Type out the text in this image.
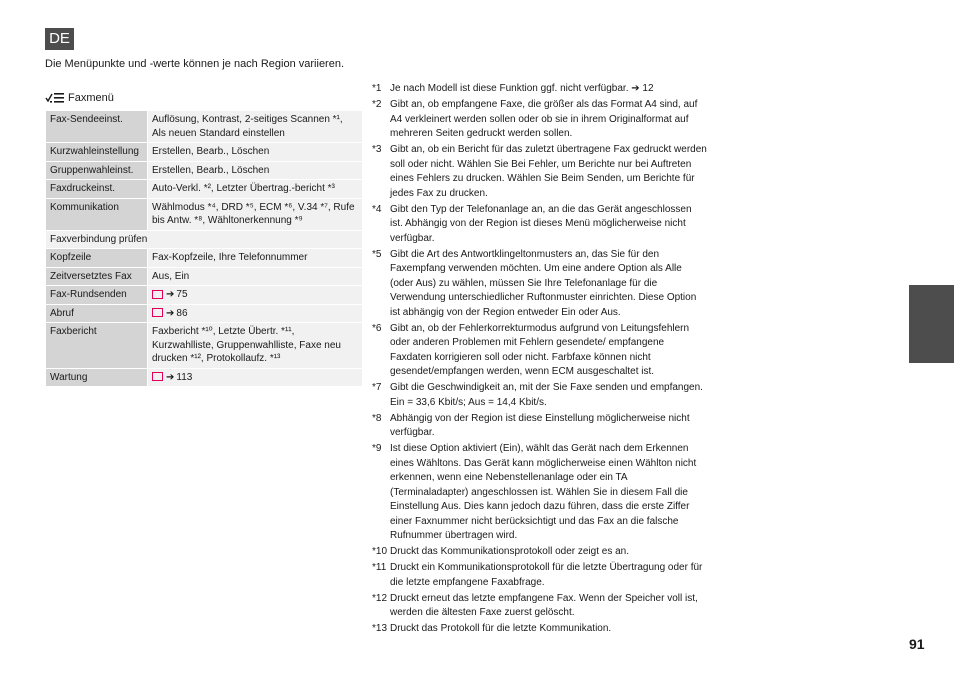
DE
Die Menüpunkte und -werte können je nach Region variieren.
Faxmenü
Fax-Sendeeinst.	Auflösung, Kontrast, 2-seitiges Scannen *¹, Als neuen Standard einstellen
Kurzwahleinstellung	Erstellen, Bearb., Löschen
Gruppenwahleinst.	Erstellen, Bearb., Löschen
Faxdruckeinst.	Auto-Verkl. *², Letzter Übertrag.-bericht *³
Kommunikation	Wählmodus *⁴, DRD *⁵, ECM *⁶, V.34 *⁷, Rufe bis Antw. *⁸, Wähltonerkennung *⁹
Faxverbindung prüfen	
Kopfzeile	Fax-Kopfzeile, Ihre Telefonnummer
Zeitversetztes Fax	Aus, Ein
Fax-Rundsenden	➔ 75
Abruf	➔ 86
Faxbericht	Faxbericht *¹⁰, Letzte Übertr. *¹¹, Kurzwahlliste, Gruppenwahlliste, Faxe neu drucken *¹², Protokollaufz. *¹³
Wartung	➔ 113
*1 Je nach Modell ist diese Funktion ggf. nicht verfügbar. ➔ 12
*2 Gibt an, ob empfangene Faxe, die größer als das Format A4 sind, auf A4 verkleinert werden sollen oder ob sie in ihrem Originalformat auf mehreren Seiten gedruckt werden sollen.
*3 Gibt an, ob ein Bericht für das zuletzt übertragene Fax gedruckt werden soll oder nicht. Wählen Sie Bei Fehler, um Berichte nur bei Auftreten eines Fehlers zu drucken. Wählen Sie Beim Senden, um Berichte für jedes Fax zu drucken.
*4 Gibt den Typ der Telefonanlage an, an die das Gerät angeschlossen ist. Abhängig von der Region ist dieses Menü möglicherweise nicht verfügbar.
*5 Gibt die Art des Antwortklingeltonmusters an, das Sie für den Faxempfang verwenden möchten. Um eine andere Option als Alle (oder Aus) zu wählen, müssen Sie Ihre Telefonanlage für die Verwendung unterschiedlicher Ruftonmuster einrichten. Diese Option ist abhängig von der Region entweder Ein oder Aus.
*6 Gibt an, ob der Fehlerkorrekturmodus aufgrund von Leitungsfehlern oder anderen Problemen mit Fehlern gesendete/ empfangene Faxdaten korrigieren soll oder nicht. Farbfaxe können nicht gesendet/empfangen werden, wenn ECM ausgeschaltet ist.
*7 Gibt die Geschwindigkeit an, mit der Sie Faxe senden und empfangen. Ein = 33,6 Kbit/s; Aus = 14,4 Kbit/s.
*8 Abhängig von der Region ist diese Einstellung möglicherweise nicht verfügbar.
*9 Ist diese Option aktiviert (Ein), wählt das Gerät nach dem Erkennen eines Wähltons. Das Gerät kann möglicherweise einen Wählton nicht erkennen, wenn eine Nebenstellenanlage oder ein TA (Terminaladapter) angeschlossen ist. Wählen Sie in diesem Fall die Einstellung Aus. Dies kann jedoch dazu führen, dass die erste Ziffer einer Faxnummer nicht berücksichtigt und das Fax an die falsche Rufnummer übertragen wird.
*10 Druckt das Kommunikationsprotokoll oder zeigt es an.
*11 Druckt ein Kommunikationsprotokoll für die letzte Übertragung oder für die letzte empfangene Faxabfrage.
*12 Druckt erneut das letzte empfangene Fax. Wenn der Speicher voll ist, werden die ältesten Faxe zuerst gelöscht.
*13 Druckt das Protokoll für die letzte Kommunikation.
91
